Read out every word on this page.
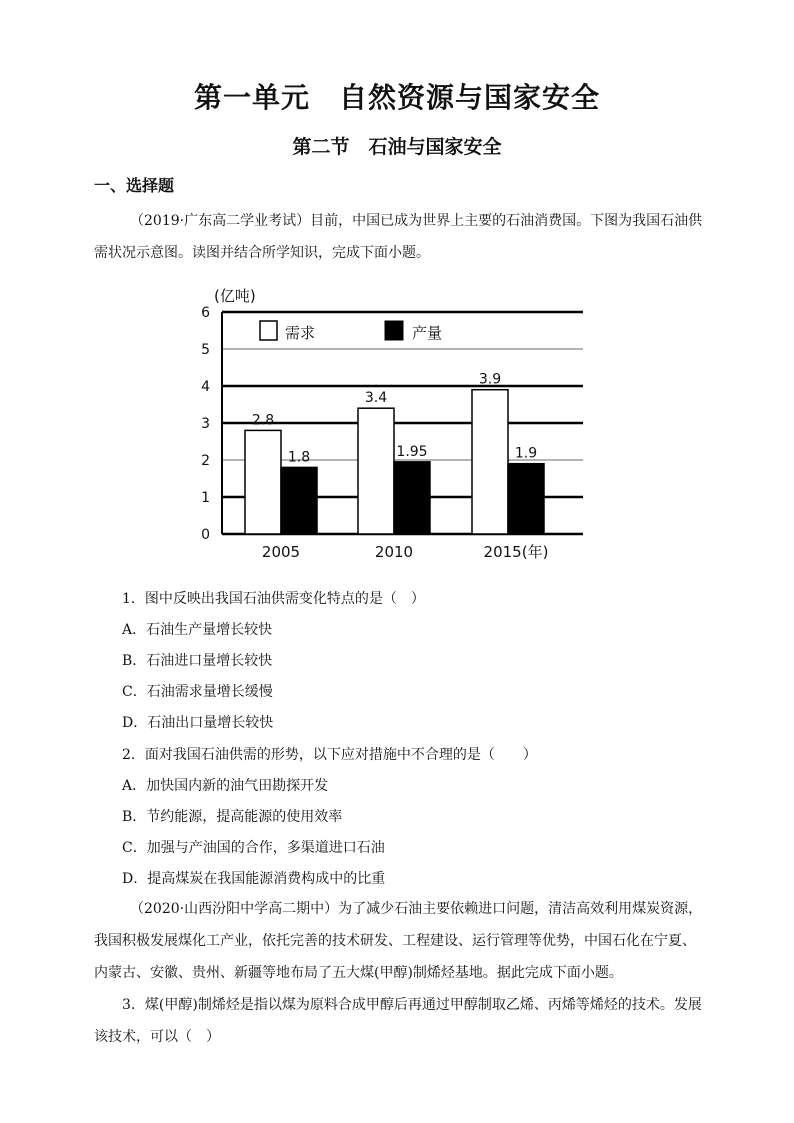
第一单元　自然资源与国家安全
第二节　石油与国家安全
一、选择题
（2019·广东高二学业考试）目前，中国已成为世界上主要的石油消费国。下图为我国石油供需状况示意图。读图并结合所学知识，完成下面小题。
(亿吨)
0
1
2
3
4
5
6
需求	产量
2.8
1.8
2005
3.4
1.95
2010
3.9
1.9
2015(年)
1．图中反映出我国石油供需变化特点的是（　）
A．石油生产量增长较快
B．石油进口量增长较快
C．石油需求量增长缓慢
D．石油出口量增长较快
2．面对我国石油供需的形势，以下应对措施中不合理的是（　　）
A．加快国内新的油气田勘探开发
B．节约能源，提高能源的使用效率
C．加强与产油国的合作，多渠道进口石油
D．提高煤炭在我国能源消费构成中的比重
（2020·山西汾阳中学高二期中）为了减少石油主要依赖进口问题，清洁高效利用煤炭资源，我国积极发展煤化工产业，依托完善的技术研发、工程建设、运行管理等优势，中国石化在宁夏、内蒙古、安徽、贵州、新疆等地布局了五大煤(甲醇)制烯烃基地。据此完成下面小题。
3．煤(甲醇)制烯烃是指以煤为原料合成甲醇后再通过甲醇制取乙烯、丙烯等烯烃的技术。发展该技术，可以（　）
